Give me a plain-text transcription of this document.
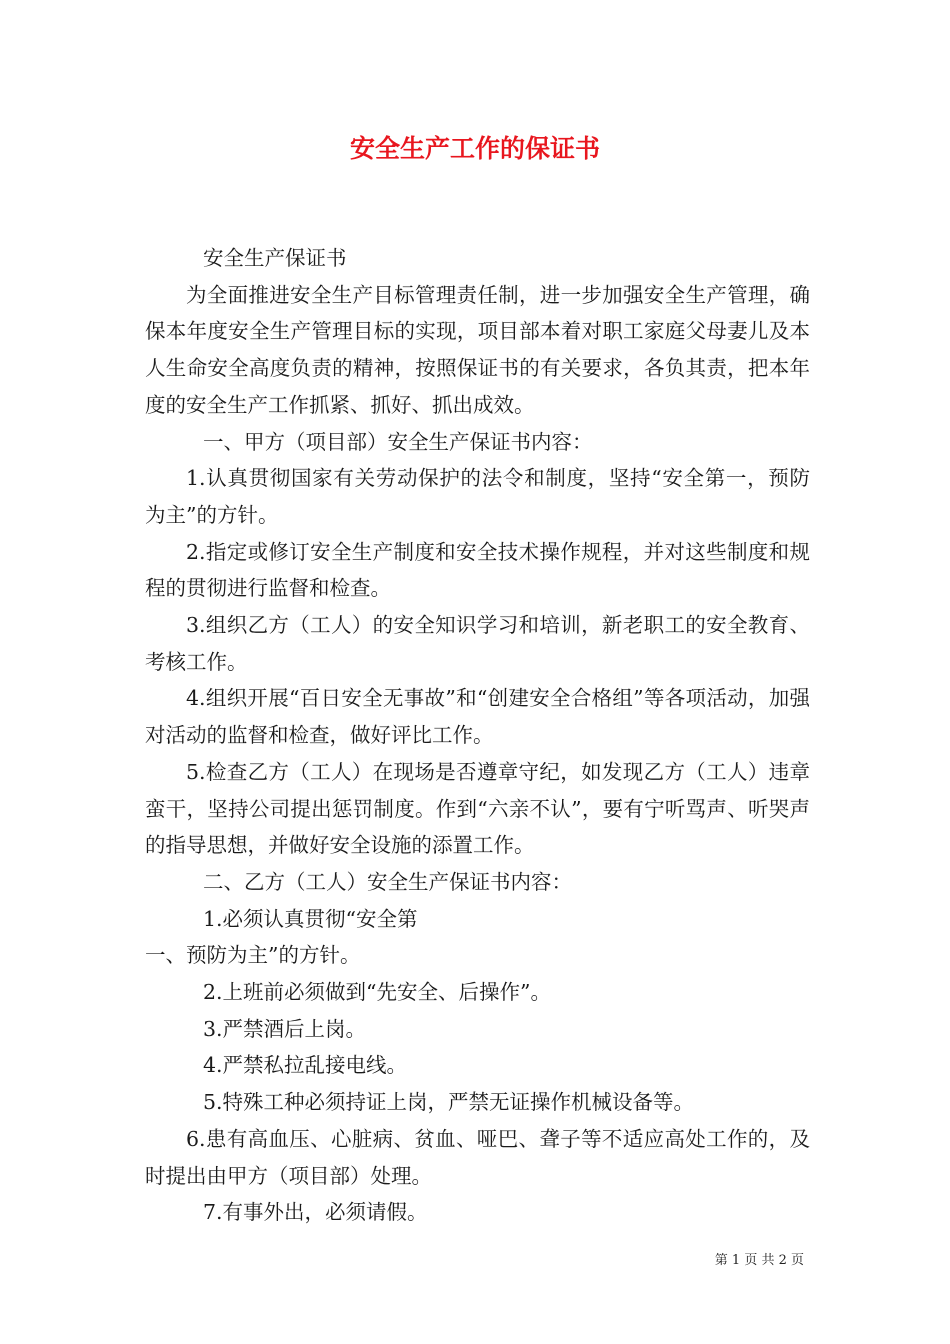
安全生产工作的保证书

安全生产保证书

为全面推进安全生产目标管理责任制，进一步加强安全生产管理，确保本年度安全生产管理目标的实现，项目部本着对职工家庭父母妻儿及本人生命安全高度负责的精神，按照保证书的有关要求，各负其责，把本年度的安全生产工作抓紧、抓好、抓出成效。

一、甲方（项目部）安全生产保证书内容：

1.认真贯彻国家有关劳动保护的法令和制度，坚持“安全第一，预防为主”的方针。

2.指定或修订安全生产制度和安全技术操作规程，并对这些制度和规程的贯彻进行监督和检查。

3.组织乙方（工人）的安全知识学习和培训，新老职工的安全教育、考核工作。

4.组织开展“百日安全无事故”和“创建安全合格组”等各项活动，加强对活动的监督和检查，做好评比工作。

5.检查乙方（工人）在现场是否遵章守纪，如发现乙方（工人）违章蛮干，坚持公司提出惩罚制度。作到“六亲不认”，要有宁听骂声、听哭声的指导思想，并做好安全设施的添置工作。

二、乙方（工人）安全生产保证书内容：

1.必须认真贯彻“安全第

一、预防为主”的方针。

2.上班前必须做到“先安全、后操作”。

3.严禁酒后上岗。

4.严禁私拉乱接电线。

5.特殊工种必须持证上岗，严禁无证操作机械设备等。

6.患有高血压、心脏病、贫血、哑巴、聋子等不适应高处工作的，及时提出由甲方（项目部）处理。

7.有事外出，必须请假。

第 1 页 共 2 页
